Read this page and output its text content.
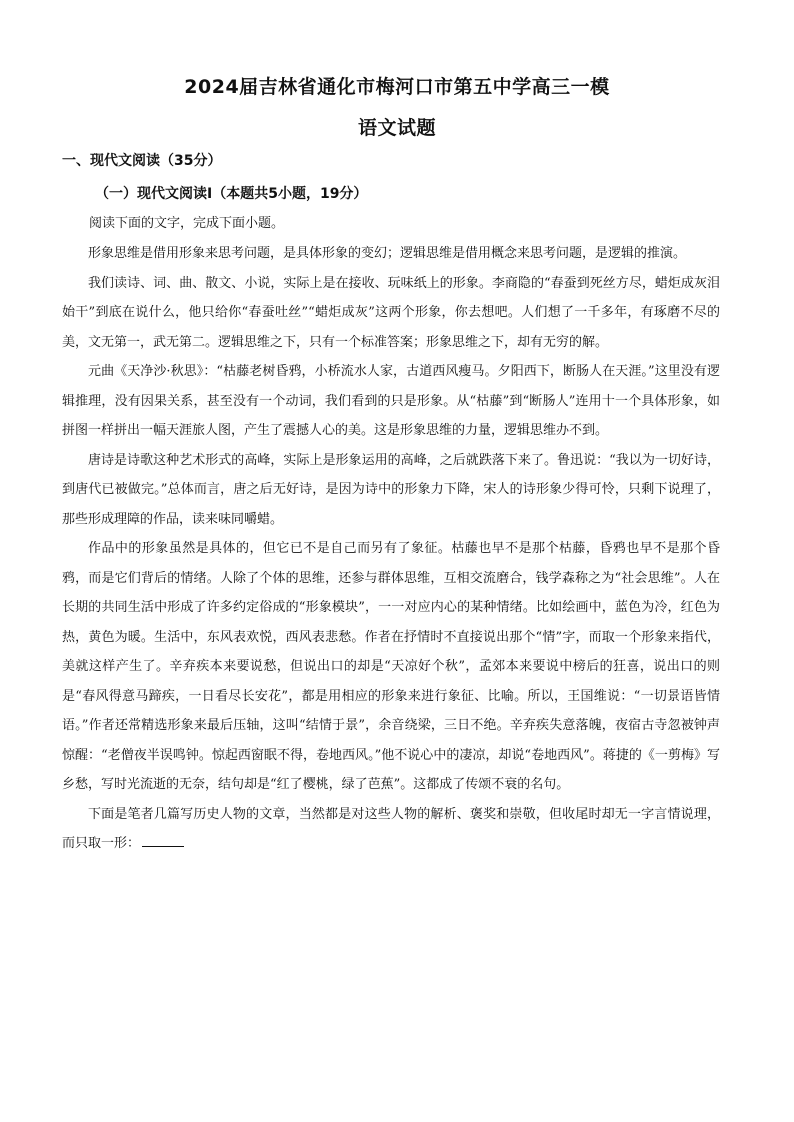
2024届吉林省通化市梅河口市第五中学高三一模
语文试题
一、现代文阅读（35分）
（一）现代文阅读Ⅰ（本题共5小题，19分）
阅读下面的文字，完成下面小题。

形象思维是借用形象来思考问题，是具体形象的变幻；逻辑思维是借用概念来思考问题，是逻辑的推演。

我们读诗、词、曲、散文、小说，实际上是在接收、玩味纸上的形象。李商隐的“春蚕到死丝方尽，蜡炬成灰泪始干”到底在说什么，他只给你“春蚕吐丝”“蜡炬成灰”这两个形象，你去想吧。人们想了一千多年，有琢磨不尽的美，文无第一，武无第二。逻辑思维之下，只有一个标准答案；形象思维之下，却有无穷的解。

元曲《天净沙·秋思》：“枯藤老树昏鸦，小桥流水人家，古道西风瘦马。夕阳西下，断肠人在天涯。”这里没有逻辑推理，没有因果关系，甚至没有一个动词，我们看到的只是形象。从“枯藤”到“断肠人”连用十一个具体形象，如拼图一样拼出一幅天涯旅人图，产生了震撼人心的美。这是形象思维的力量，逻辑思维办不到。

唐诗是诗歌这种艺术形式的高峰，实际上是形象运用的高峰，之后就跌落下来了。鲁迅说：“我以为一切好诗，到唐代已被做完。”总体而言，唐之后无好诗，是因为诗中的形象力下降，宋人的诗形象少得可怜，只剩下说理了，那些形成理障的作品，读来味同嚼蜡。

作品中的形象虽然是具体的，但它已不是自己而另有了象征。枯藤也早不是那个枯藤，昏鸦也早不是那个昏鸦，而是它们背后的情绪。人除了个体的思维，还参与群体思维，互相交流磨合，钱学森称之为“社会思维”。人在长期的共同生活中形成了许多约定俗成的“形象模块”，一一对应内心的某种情绪。比如绘画中，蓝色为冷，红色为热，黄色为暖。生活中，东风表欢悦，西风表悲愁。作者在抒情时不直接说出那个“情”字，而取一个形象来指代，美就这样产生了。辛弃疾本来要说愁，但说出口的却是“天凉好个秋”，孟郊本来要说中榜后的狂喜，说出口的则是“春风得意马蹄疾，一日看尽长安花”，都是用相应的形象来进行象征、比喻。所以，王国维说：“一切景语皆情语。”作者还常精选形象来最后压轴，这叫“结情于景”，余音绕梁，三日不绝。辛弃疾失意落魄，夜宿古寺忽被钟声惊醒：“老僧夜半误鸣钟。惊起西窗眠不得，卷地西风。”他不说心中的凄凉，却说“卷地西风”。蒋捷的《一剪梅》写乡愁，写时光流逝的无奈，结句却是“红了樱桃，绿了芭蕉”。这都成了传颂不衰的名句。

下面是笔者几篇写历史人物的文章，当然都是对这些人物的解析、褒奖和崇敬，但收尾时却无一字言情说理，而只取一形：
